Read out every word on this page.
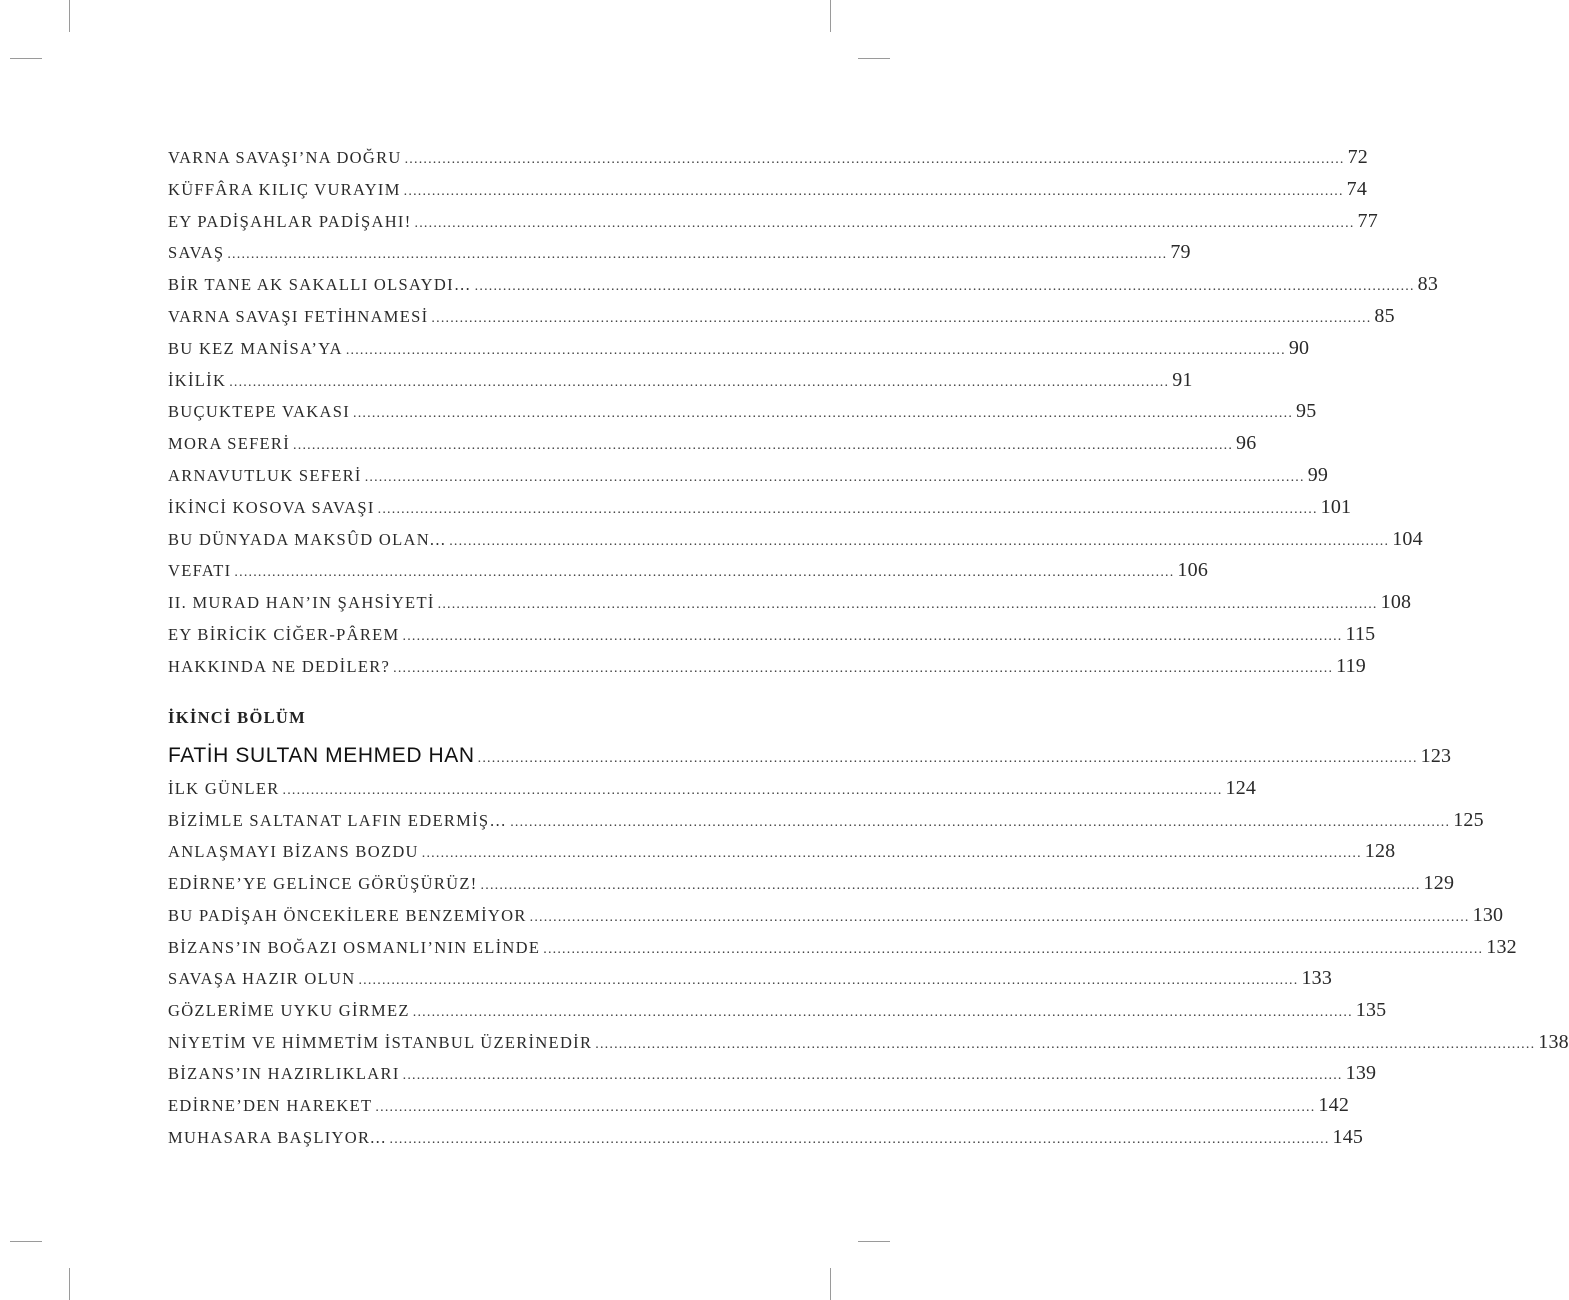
VARNA SAVAŞI’NA DOĞRU ........................................................................................................................................................................................................ 72
KÜFFÂRA KILIÇ VURAYIM ........................................................................................................................................................................................................ 74
EY PADİŞAHLAR PADİŞAHI! ........................................................................................................................................................................................................ 77
SAVAŞ ........................................................................................................................................................................................................ 79
BİR TANE AK SAKALLI OLSAYDI… ........................................................................................................................................................................................................ 83
VARNA SAVAŞI FETİHNAMESİ ........................................................................................................................................................................................................ 85
BU KEZ MANİSA’YA ........................................................................................................................................................................................................ 90
İKİLİK ........................................................................................................................................................................................................ 91
BUÇUKTEPE VAKASI ........................................................................................................................................................................................................ 95
MORA SEFERİ ........................................................................................................................................................................................................ 96
ARNAVUTLUK SEFERİ ........................................................................................................................................................................................................ 99
İKİNCİ KOSOVA SAVAŞI ........................................................................................................................................................................................................ 101
BU DÜNYADA MAKSÛD OLAN... ........................................................................................................................................................................................................ 104
VEFATI ........................................................................................................................................................................................................ 106
II. MURAD HAN’IN ŞAHSİYETİ ........................................................................................................................................................................................................ 108
EY BİRİCİK CİĞER-PÂREM ........................................................................................................................................................................................................ 115
HAKKINDA NE DEDİLER? ........................................................................................................................................................................................................ 119
İKİNCİ BÖLÜM
FATİH SULTAN MEHMED HAN ........................................................................................................................................................................................................ 123
İLK GÜNLER ........................................................................................................................................................................................................ 124
BİZİMLE SALTANAT LAFIN EDERMİŞ… ........................................................................................................................................................................................................ 125
ANLAŞMAYI BİZANS BOZDU ........................................................................................................................................................................................................ 128
EDİRNE’YE GELİNCE GÖRÜŞÜRÜZ! ........................................................................................................................................................................................................ 129
BU PADİŞAH ÖNCEKİLERE BENZEMİYOR ........................................................................................................................................................................................................ 130
BİZANS’IN BOĞAZI OSMANLI’NIN ELİNDE ........................................................................................................................................................................................................ 132
SAVAŞA HAZIR OLUN ........................................................................................................................................................................................................ 133
GÖZLERİME UYKU GİRMEZ ........................................................................................................................................................................................................ 135
NİYETİM VE HİMMETİM İSTANBUL ÜZERİNEDİR ........................................................................................................................................................................................................ 138
BİZANS’IN HAZIRLIKLARI ........................................................................................................................................................................................................ 139
EDİRNE’DEN HAREKET ........................................................................................................................................................................................................ 142
MUHASARA BAŞLIYOR... ........................................................................................................................................................................................................ 145
